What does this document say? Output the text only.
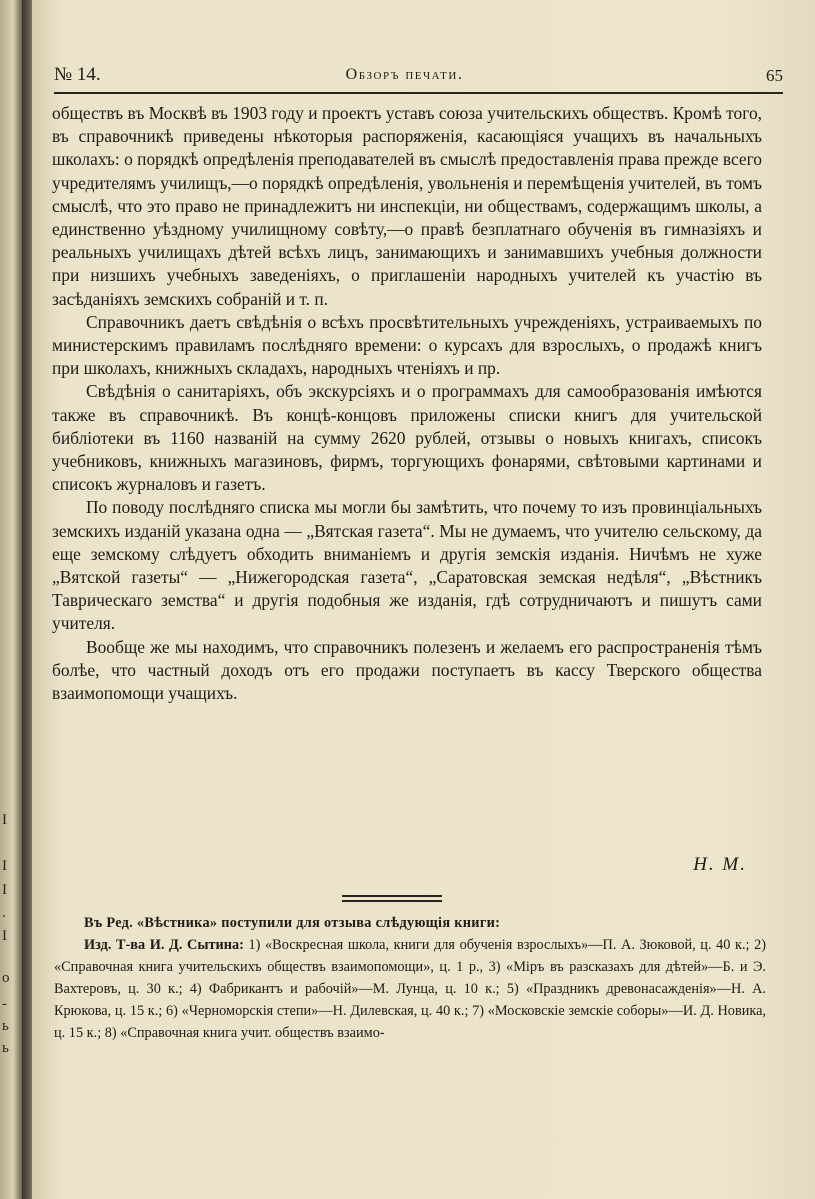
I
I
I
.
I
o
-
ь
ь
№ 14.	Обзоръ печати.	65

обществъ въ Москвѣ въ 1903 году и проектъ уставъ союза учительскихъ обществъ. Кромѣ того, въ справочникѣ приведены нѣкоторыя распоряженія, касающіяся учащихъ въ начальныхъ школахъ: о порядкѣ опредѣленія преподавателей въ смыслѣ предоставленія права прежде всего учредителямъ училищъ,—о порядкѣ опредѣленія, увольненія и перемѣщенія учителей, въ томъ смыслѣ, что это право не принадлежитъ ни инспекціи, ни обществамъ, содержащимъ школы, а единственно уѣздному училищному совѣту,—о правѣ безплатнаго обученія въ гимназіяхъ и реальныхъ училищахъ дѣтей всѣхъ лицъ, занимающихъ и занимавшихъ учебныя должности при низшихъ учебныхъ заведеніяхъ, о приглашеніи народныхъ учителей къ участію въ засѣданіяхъ земскихъ собраній и т. п.

Справочникъ даетъ свѣдѣнія о всѣхъ просвѣтительныхъ учрежденіяхъ, устраиваемыхъ по министерскимъ правиламъ послѣдняго времени: о курсахъ для взрослыхъ, о продажѣ книгъ при школахъ, книжныхъ складахъ, народныхъ чтеніяхъ и пр.

Свѣдѣнія о санитаріяхъ, объ экскурсіяхъ и о программахъ для самообразованія имѣются также въ справочникѣ. Въ концѣ-концовъ приложены списки книгъ для учительской библіотеки въ 1160 названій на сумму 2620 рублей, отзывы о новыхъ книгахъ, списокъ учебниковъ, книжныхъ магазиновъ, фирмъ, торгующихъ фонарями, свѣтовыми картинами и списокъ журналовъ и газетъ.

По поводу послѣдняго списка мы могли бы замѣтить, что почему то изъ провинціальныхъ земскихъ изданій указана одна — „Вятская газета“. Мы не думаемъ, что учителю сельскому, да еще земскому слѣдуетъ обходить вниманіемъ и другія земскія изданія. Ничѣмъ не хуже „Вятской газеты“ — „Нижегородская газета“, „Саратовская земская недѣля“, „Вѣстникъ Таврическаго земства“ и другія подобныя же изданія, гдѣ сотрудничаютъ и пишутъ сами учителя.

Вообще же мы находимъ, что справочникъ полезенъ и желаемъ его распространенія тѣмъ болѣе, что частный доходъ отъ его продажи поступаетъ въ кассу Тверского общества взаимопомощи учащихъ.

Н. М.

Въ Ред. «Вѣстника» поступили для отзыва слѣдующія книги:

Изд. Т-ва И. Д. Сытина: 1) «Воскресная школа, книги для обученія взрослыхъ»—П. А. Зюковой, ц. 40 к.; 2) «Справочная книга учительскихъ обществъ взаимопомощи», ц. 1 р., 3) «Міръ въ разсказахъ для дѣтей»—Б. и Э. Вахтеровъ, ц. 30 к.; 4) Фабрикантъ и рабочій»—М. Лунца, ц. 10 к.; 5) «Праздникъ древонасажденія»—Н. А. Крюкова, ц. 15 к.; 6) «Черноморскія степи»—Н. Дилевская, ц. 40 к.; 7) «Московскіе земскіе соборы»—И. Д. Новика, ц. 15 к.; 8) «Справочная книга учит. обществъ взаимо-
